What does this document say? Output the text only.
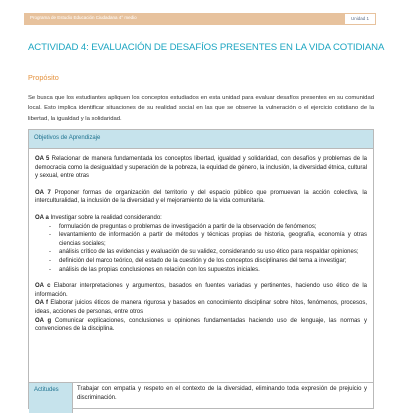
Programa de Estudio Educación Ciudadana 4° medio	Unidad 1
ACTIVIDAD 4: EVALUACIÓN DE DESAFÍOS PRESENTES EN LA VIDA COTIDIANA
Propósito

Se busca que los estudiantes apliquen los conceptos estudiados en esta unidad para evaluar desafíos presentes en su comunidad local. Esto implica identificar situaciones de su realidad social en las que se observe la vulneración o el ejercicio cotidiano de la libertad, la igualdad y la solidaridad.

Objetivos de Aprendizaje

OA 5 Relacionar de manera fundamentada los conceptos libertad, igualdad y solidaridad, con desafíos y problemas de la democracia como la desigualdad y superación de la pobreza, la equidad de género, la inclusión, la diversidad étnica, cultural y sexual, entre otras

OA 7 Proponer formas de organización del territorio y del espacio público que promuevan la acción colectiva, la interculturalidad, la inclusión de la diversidad y el mejoramiento de la vida comunitaria.

OA a Investigar sobre la realidad considerando:

- formulación de preguntas o problemas de investigación a partir de la observación de fenómenos;
- levantamiento de información a partir de métodos y técnicas propias de historia, geografía, economía y otras ciencias sociales;
- análisis crítico de las evidencias y evaluación de su validez, considerando su uso ético para respaldar opiniones;
- definición del marco teórico, del estado de la cuestión y de los conceptos disciplinares del tema a investigar;
- análisis de las propias conclusiones en relación con los supuestos iniciales.

OA c Elaborar interpretaciones y argumentos, basados en fuentes variadas y pertinentes, haciendo uso ético de la información.

OA f Elaborar juicios éticos de manera rigurosa y basados en conocimiento disciplinar sobre hitos, fenómenos, procesos, ideas, acciones de personas, entre otros

OA g Comunicar explicaciones, conclusiones u opiniones fundamentadas haciendo uso de lenguaje, las normas y convenciones de la disciplina.

Actitudes	Trabajar con empatía y respeto en el contexto de la diversidad, eliminando toda expresión de prejuicio y discriminación.
